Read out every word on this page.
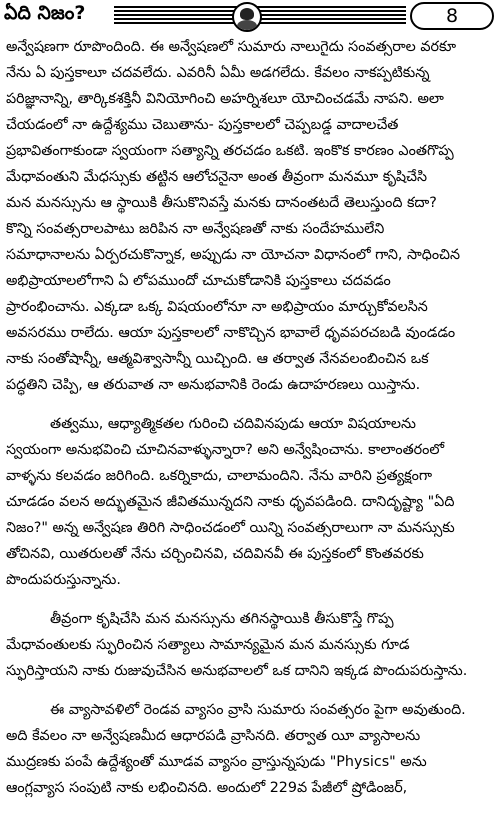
ఏది నిజం?	8
అన్వేషణగా రూపొందింది. ఈ అన్వేషణలో సుమారు నాలుగైదు సంవత్సరాల వరకూ
నేను ఏ పుస్తకాలూ చదవలేదు. ఎవరినీ ఏమీ అడగలేదు. కేవలం నాకప్పటికున్న
పరిజ్ఞానాన్ని, తార్కికశక్తినీ వినియోగించి అహర్నిశలూ యోచించడమే నాపని. అలా
చేయడంలో నా ఉద్దేశ్యము చెబుతాను- పుస్తకాలలో చెప్పబడ్డ వాదాలచేత
ప్రభావితంగాకుండా స్వయంగా సత్యాన్ని తరచడం ఒకటి. ఇంకొక కారణం ఎంతగొప్ప
మేధావంతుని మేధస్సుకు తట్టిన ఆలోచనైనా అంత తీవ్రంగా మనమూ కృషిచేసి
మన మనస్సును ఆ స్థాయికి తీసుకొనివస్తే మనకు దానంతటదే తెలుస్తుంది కదా?
కొన్ని సంవత్సరాలపాటు జరిపిన నా అన్వేషణతో నాకు సందేహములేని
సమాధానాలను ఏర్పరచుకొన్నాక, అప్పుడు నా యోచనా విధానంలో గాని, సాధించిన
అభిప్రాయాలలోగాని ఏ లోపముందో చూచుకోడానికి పుస్తకాలు చదవడం
ప్రారంభించాను. ఎక్కడా ఒక్క విషయంలోనూ నా అభిప్రాయం మార్చుకోవలసిన
అవసరము రాలేదు. ఆయా పుస్తకాలలో నాకొచ్చిన భావాలే ధృవపరచబడి వుండడం
నాకు సంతోషాన్నీ, ఆత్మవిశ్వాసాన్నీ యిచ్చింది. ఆ తర్వాత నేనవలంబించిన ఒక
పద్ధతిని చెప్పి, ఆ తరువాత నా అనుభవానికి రెండు ఉదాహరణలు యిస్తాను.
తత్వము, ఆధ్యాత్మికతల గురించి చదివినపుడు ఆయా విషయాలను
స్వయంగా అనుభవించి చూచినవాళ్ళున్నారా? అని అన్వేషించాను. కాలాంతరంలో
వాళ్ళను కలవడం జరిగింది. ఒకర్నికాదు, చాలామందిని. నేను వారిని ప్రత్యక్షంగా
చూడడం వలన అద్భుతమైన జీవితమున్నదని నాకు ధృవపడింది. దానిదృష్ట్యా "ఏది
నిజం?" అన్న అన్వేషణ తిరిగి సాధించడంలో యిన్ని సంవత్సరాలుగా నా మనస్సుకు
తోచినవి, యితరులతో నేను చర్చించినవి, చదివినవీ ఈ పుస్తకంలో కొంతవరకు
పొందుపరుస్తున్నాను.
తీవ్రంగా కృషిచేసి మన మనస్సును తగినస్థాయికి తీసుకొస్తే గొప్ప
మేధావంతులకు స్ఫురించిన సత్యాలు సామాన్యమైన మన మనస్సుకు గూడ
స్ఫురిస్తాయని నాకు రుజువుచేసిన అనుభవాలలో ఒక దానిని ఇక్కడ పొందుపరుస్తాను.
ఈ వ్యాసావళిలో రెండవ వ్యాసం వ్రాసి సుమారు సంవత్సరం పైగా అవుతుంది.
అది కేవలం నా అన్వేషణమీద ఆధారపడి వ్రాసినది. తర్వాత యీ వ్యాసాలను
ముద్రణకు పంపే ఉద్దేశ్యంతో మూడవ వ్యాసం వ్రాస్తున్నపుడు "Physics" అను
ఆంగ్లవ్యాస సంపుటి నాకు లభించినది. అందులో 229వ పేజీలో ష్రోడింజర్,
